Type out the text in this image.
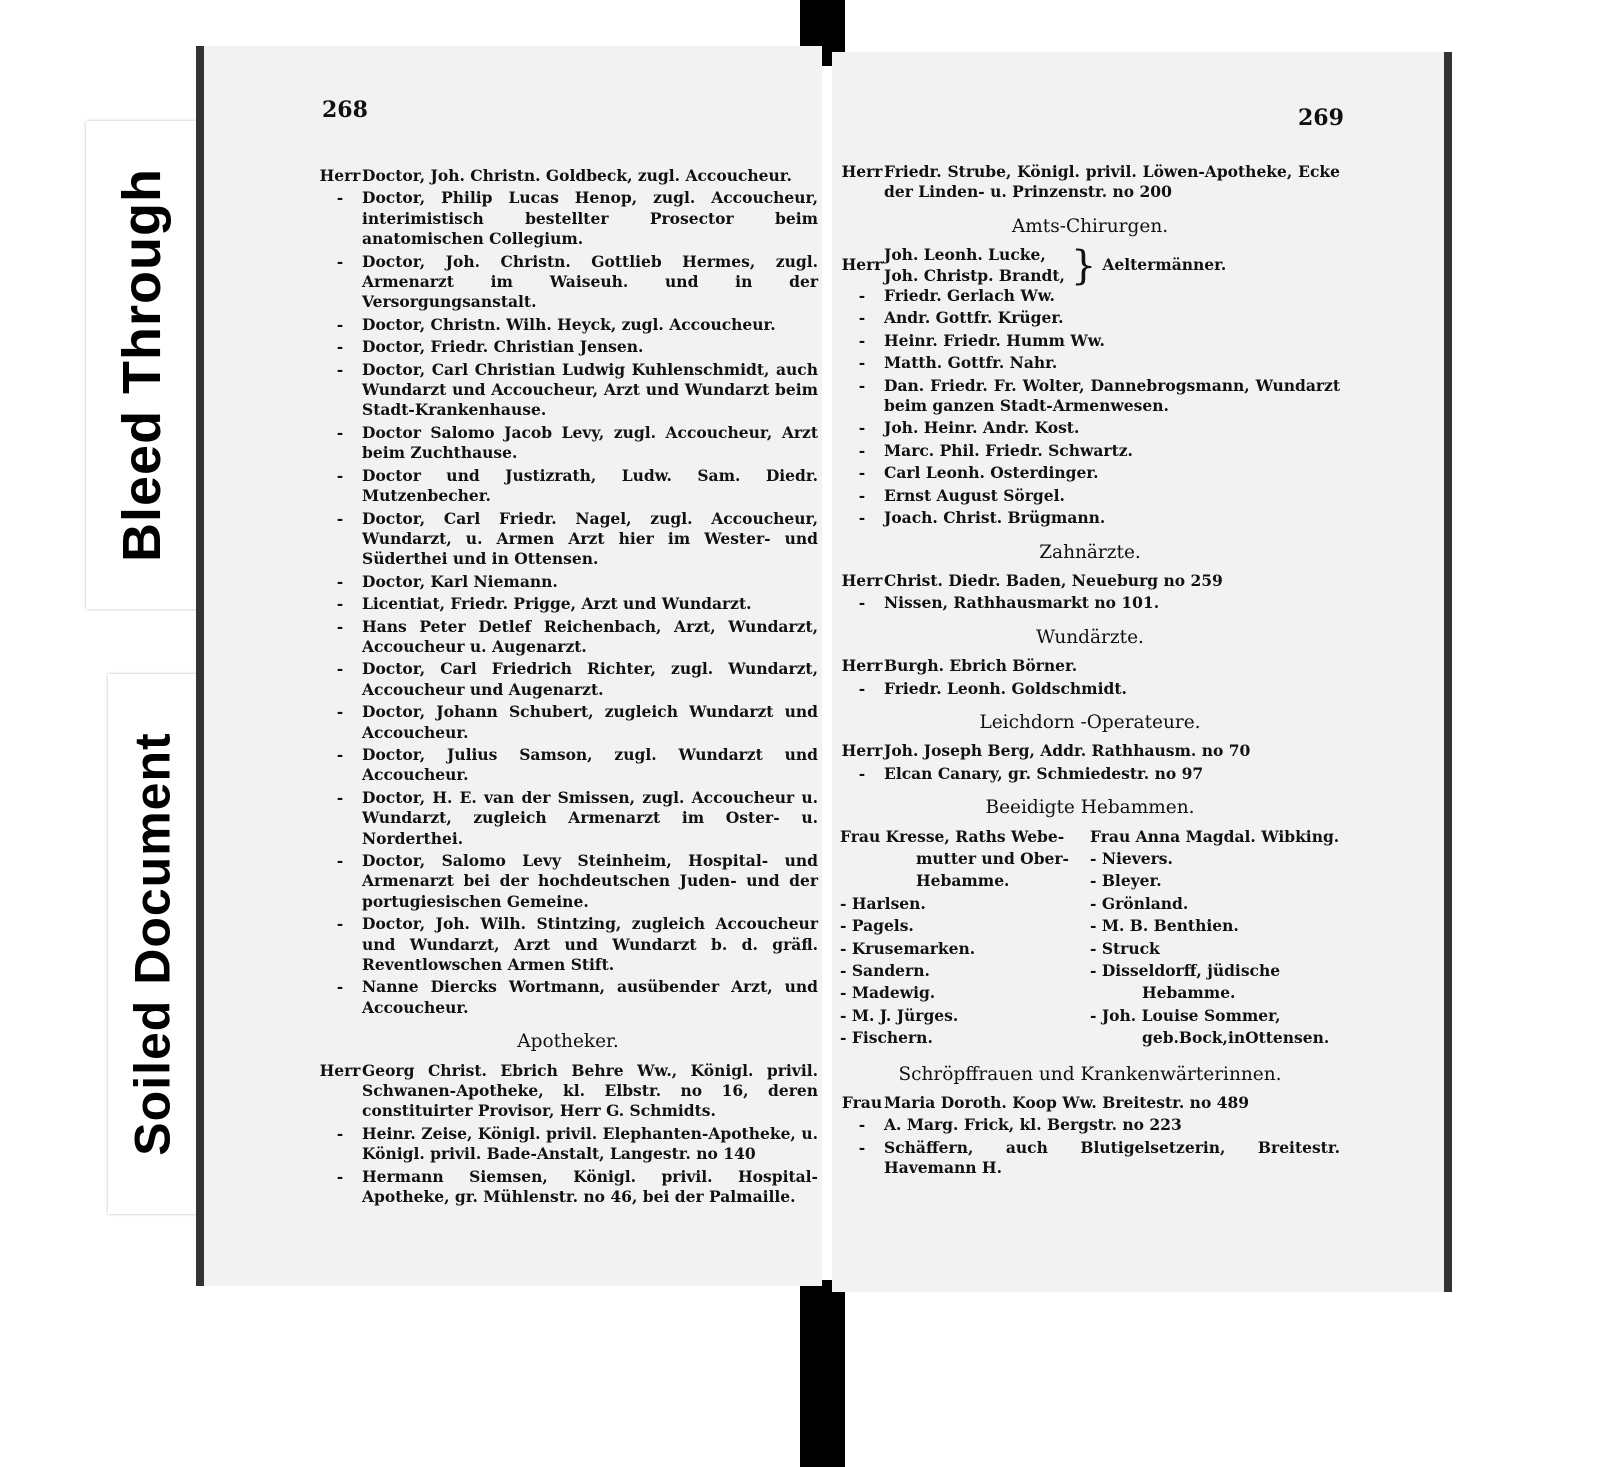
Bleed Through
Soiled Document
268
Herr Doctor, Joh. Christn. Goldbeck, zugl. Accoucheur.
-	Doctor, Philip Lucas Henop, zugl. Accoucheur, interimistisch bestellter Prosector beim anatomischen Collegium.
-	Doctor, Joh. Christn. Gottlieb Hermes, zugl. Armenarzt im Waiseuh. und in der Versorgungsanstalt.
-	Doctor, Christn. Wilh. Heyck, zugl. Accoucheur.
-	Doctor, Friedr. Christian Jensen.
-	Doctor, Carl Christian Ludwig Kuhlenschmidt, auch Wundarzt und Accoucheur, Arzt und Wundarzt beim Stadt-Krankenhause.
-	Doctor Salomo Jacob Levy, zugl. Accoucheur, Arzt beim Zuchthause.
-	Doctor und Justizrath, Ludw. Sam. Diedr. Mutzenbecher.
-	Doctor, Carl Friedr. Nagel, zugl. Accoucheur, Wundarzt, u. Armen Arzt hier im Wester- und Süderthei und in Ottensen.
-	Doctor, Karl Niemann.
-	Licentiat, Friedr. Prigge, Arzt und Wundarzt.
-	Hans Peter Detlef Reichenbach, Arzt, Wundarzt, Accoucheur u. Augenarzt.
-	Doctor, Carl Friedrich Richter, zugl. Wundarzt, Accoucheur und Augenarzt.
-	Doctor, Johann Schubert, zugleich Wundarzt und Accoucheur.
-	Doctor, Julius Samson, zugl. Wundarzt und Accoucheur.
-	Doctor, H. E. van der Smissen, zugl. Accoucheur u. Wundarzt, zugleich Armenarzt im Oster- u. Norderthei.
-	Doctor, Salomo Levy Steinheim, Hospital- und Armenarzt bei der hochdeutschen Juden- und der portugiesischen Gemeine.
-	Doctor, Joh. Wilh. Stintzing, zugleich Accoucheur und Wundarzt, Arzt und Wundarzt b. d. gräfl. Reventlowschen Armen Stift.
-	Nanne Diercks Wortmann, ausübender Arzt, und Accoucheur.
Apotheker.
Herr Georg Christ. Ebrich Behre Ww., Königl. privil. Schwanen-Apotheke, kl. Elbstr. no 16, deren constituirter Provisor, Herr G. Schmidts.
-	Heinr. Zeise, Königl. privil. Elephanten-Apotheke, u. Königl. privil. Bade-Anstalt, Langestr. no 140
-	Hermann Siemsen, Königl. privil. Hospital-Apotheke, gr. Mühlenstr. no 46, bei der Palmaille.
269
Herr Friedr. Strube, Königl. privil. Löwen-Apotheke, Ecke der Linden- u. Prinzenstr. no 200
Amts-Chirurgen.
Herr
Joh. Leonh. Lucke,
Joh. Christp. Brandt, } Aeltermänner.
-	Friedr. Gerlach Ww.
-	Andr. Gottfr. Krüger.
-	Heinr. Friedr. Humm Ww.
-	Matth. Gottfr. Nahr.
-	Dan. Friedr. Fr. Wolter, Dannebrogsmann, Wundarzt beim ganzen Stadt-Armenwesen.
-	Joh. Heinr. Andr. Kost.
-	Marc. Phil. Friedr. Schwartz.
-	Carl Leonh. Osterdinger.
-	Ernst August Sörgel.
-	Joach. Christ. Brügmann.
Zahnärzte.
Herr Christ. Diedr. Baden, Neueburg no 259
-	Nissen, Rathhausmarkt no 101.
Wundärzte.
Herr Burgh. Ebrich Börner.
-	Friedr. Leonh. Goldschmidt.
Leichdorn -Operateure.
Herr Joh. Joseph Berg, Addr. Rathhausm. no 70
-	Elcan Canary, gr. Schmiedestr. no 97
Beeidigte Hebammen.
Frau Kresse, Raths Webe-
mutter und Ober-
Hebamme.
- Harlsen.
- Pagels.
- Krusemarken.
- Sandern.
- Madewig.
- M. J. Jürges.
- Fischern.
Frau Anna Magdal. Wibking.
- Nievers.
- Bleyer.
- Grönland.
- M. B. Benthien.
- Struck
- Disseldorff, jüdische
Hebamme.
- Joh. Louise Sommer,
geb.Bock,inOttensen.
Schröpffrauen und Krankenwärterinnen.
Frau Maria Doroth. Koop Ww. Breitestr. no 489
-	A. Marg. Frick, kl. Bergstr. no 223
-	Schäffern, auch Blutigelsetzerin, Breitestr. Havemann H.
